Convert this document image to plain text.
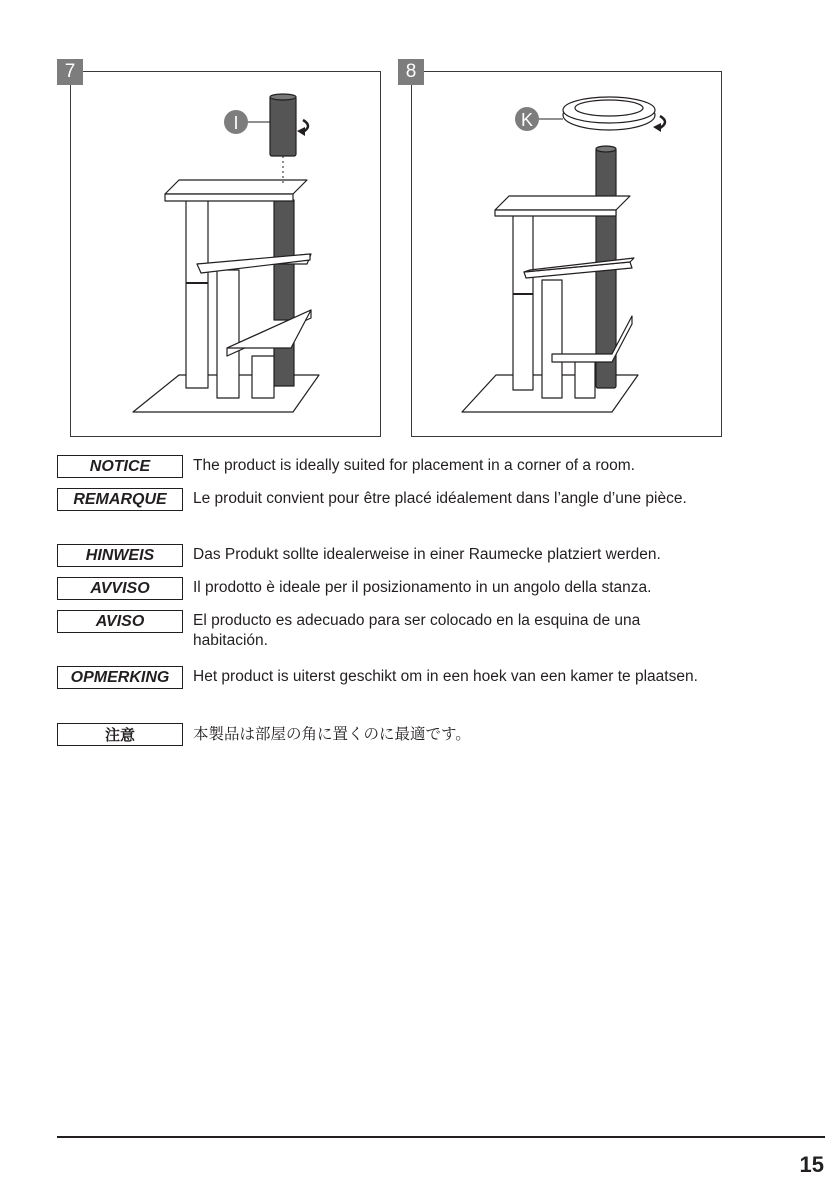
I
7
K
8
NOTICE	The product is ideally suited for placement in a corner of a room.
REMARQUE	Le produit convient pour être placé idéalement dans l’angle d’une pièce.
HINWEIS	Das Produkt sollte idealerweise in einer Raumecke platziert werden.
AVVISO	Il prodotto è ideale per il posizionamento in un angolo della stanza.
AVISO	El producto es adecuado para ser colocado en la esquina de una habitación.
OPMERKING	Het product is uiterst geschikt om in een hoek van een kamer te plaatsen.
注意	本製品は部屋の角に置くのに最適です。
15
